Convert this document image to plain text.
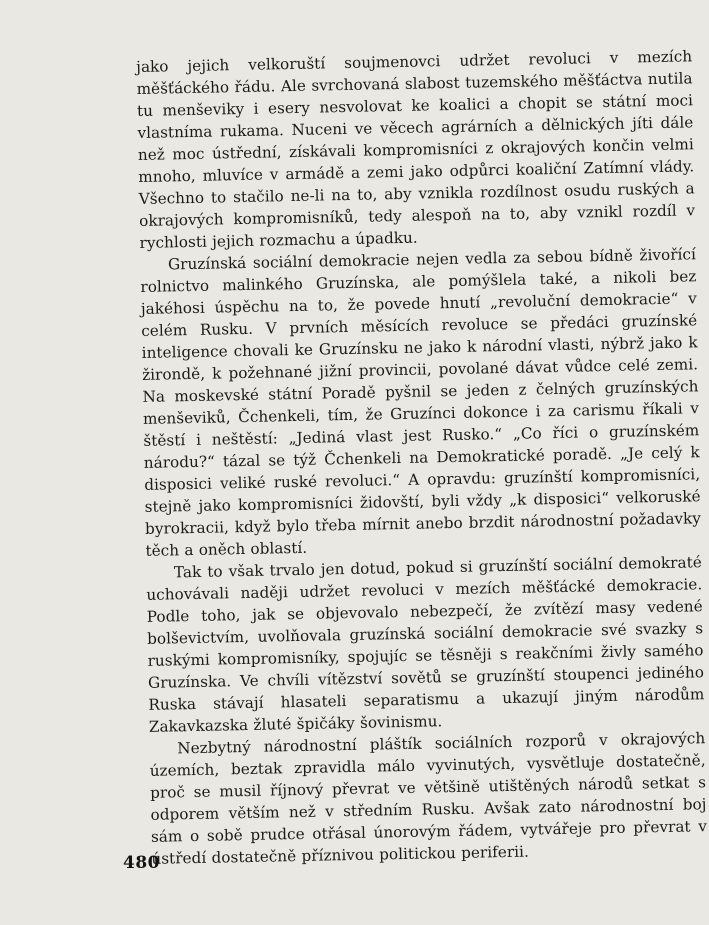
jako jejich velkoruští soujmenovci udržet revoluci v mezích měšťáckého řádu. Ale svrchovaná slabost tuzemského měšťáctva nutila tu menševiky i esery nesvolovat ke koalici a chopit se státní moci vlastníma rukama. Nuceni ve věcech agrárních a dělnických jíti dále než moc ústřední, získávali kompromisníci z okrajových končin velmi mnoho, mluvíce v armádě a zemi jako odpůrci koaliční Zatímní vlády. Všechno to stačilo ne-li na to, aby vznikla rozdílnost osudu ruských a okrajových kompromisníků, tedy alespoň na to, aby vznikl rozdíl v rychlosti jejich rozmachu a úpadku.

Gruzínská sociální demokracie nejen vedla za sebou bídně živořící rolnictvo malinkého Gruzínska, ale pomýšlela také, a nikoli bez jakéhosi úspěchu na to, že povede hnutí „revoluční demokracie“ v celém Rusku. V prvních měsících revoluce se předáci gruzínské inteligence chovali ke Gruzínsku ne jako k národní vlasti, nýbrž jako k žirondě, k požehnané jižní provincii, povolané dávat vůdce celé zemi. Na moskevské státní Poradě pyšnil se jeden z čelných gruzínských menševiků, Čchenkeli, tím, že Gruzínci dokonce i za carismu říkali v štěstí i neštěstí: „Jediná vlast jest Rusko.“ „Co říci o gruzínském národu?“ tázal se týž Čchenkeli na Demokratické poradě. „Je celý k disposici veliké ruské revoluci.“ A opravdu: gruzínští kompromisníci, stejně jako kompromisníci židovští, byli vždy „k disposici“ velkoruské byrokracii, když bylo třeba mírnit anebo brzdit národnostní požadavky těch a oněch oblastí.

Tak to však trvalo jen dotud, pokud si gruzínští sociální demokraté uchovávali naději udržet revoluci v mezích měšťácké demokracie. Podle toho, jak se objevovalo nebezpečí, že zvítězí masy vedené bolševictvím, uvolňovala gruzínská sociální demokracie své svazky s ruskými kompromisníky, spojujíc se těsněji s reakčními živly samého Gruzínska. Ve chvíli vítězství sovětů se gruzínští stoupenci jediného Ruska stávají hlasateli separatismu a ukazují jiným národům Zakavkazska žluté špičáky šovinismu.

Nezbytný národnostní pláštík sociálních rozporů v okrajových územích, beztak zpravidla málo vyvinutých, vysvětluje dostatečně, proč se musil říjnový převrat ve většině utištěných národů setkat s odporem větším než v středním Rusku. Avšak zato národnostní boj sám o sobě prudce otřásal únorovým řádem, vytvářeje pro převrat v ústředí dostatečně příznivou politickou periferii.

480
